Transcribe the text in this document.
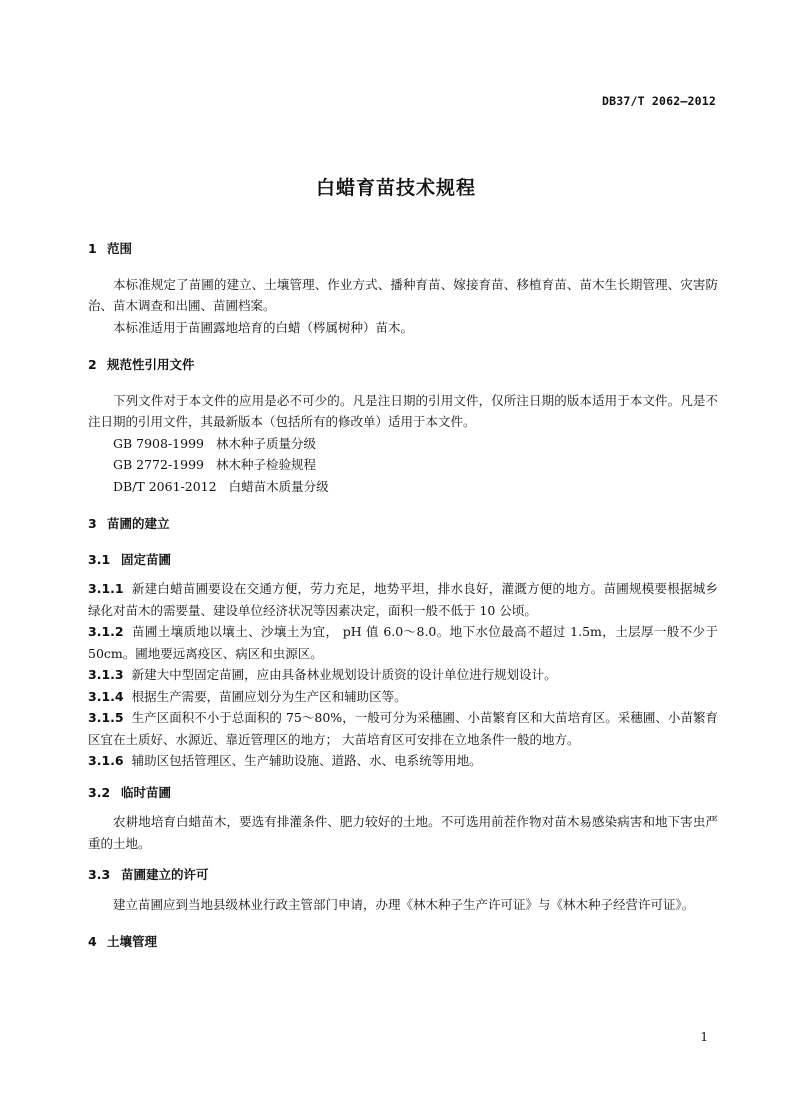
DB37/T 2062—2012
白蜡育苗技术规程
1 范围

本标准规定了苗圃的建立、土壤管理、作业方式、播种育苗、嫁接育苗、移植育苗、苗木生长期管理、灾害防治、苗木调查和出圃、苗圃档案。

本标准适用于苗圃露地培育的白蜡（梣属树种）苗木。

2 规范性引用文件

下列文件对于本文件的应用是必不可少的。凡是注日期的引用文件，仅所注日期的版本适用于本文件。凡是不注日期的引用文件，其最新版本（包括所有的修改单）适用于本文件。

GB 7908-1999 林木种子质量分级

GB 2772-1999 林木种子检验规程

DB/T 2061-2012 白蜡苗木质量分级

3 苗圃的建立
3.1 固定苗圃

3.1.1 新建白蜡苗圃要设在交通方便，劳力充足，地势平坦，排水良好，灌溉方便的地方。苗圃规模要根据城乡绿化对苗木的需要量、建设单位经济状况等因素决定，面积一般不低于 10 公顷。

3.1.2 苗圃土壤质地以壤土、沙壤土为宜， pH 值 6.0～8.0。地下水位最高不超过 1.5m，土层厚一般不少于 50cm。圃地要远离疫区、病区和虫源区。

3.1.3 新建大中型固定苗圃，应由具备林业规划设计质资的设计单位进行规划设计。

3.1.4 根据生产需要，苗圃应划分为生产区和辅助区等。

3.1.5 生产区面积不小于总面积的 75～80%，一般可分为采穗圃、小苗繁育区和大苗培育区。采穗圃、小苗繁育区宜在土质好、水源近、靠近管理区的地方； 大苗培育区可安排在立地条件一般的地方。

3.1.6 辅助区包括管理区、生产辅助设施、道路、水、电系统等用地。

3.2 临时苗圃

农耕地培育白蜡苗木，要选有排灌条件、肥力较好的土地。不可选用前茬作物对苗木易感染病害和地下害虫严重的土地。

3.3 苗圃建立的许可

建立苗圃应到当地县级林业行政主管部门申请，办理《林木种子生产许可证》与《林木种子经营许可证》。

4 土壤管理
1
